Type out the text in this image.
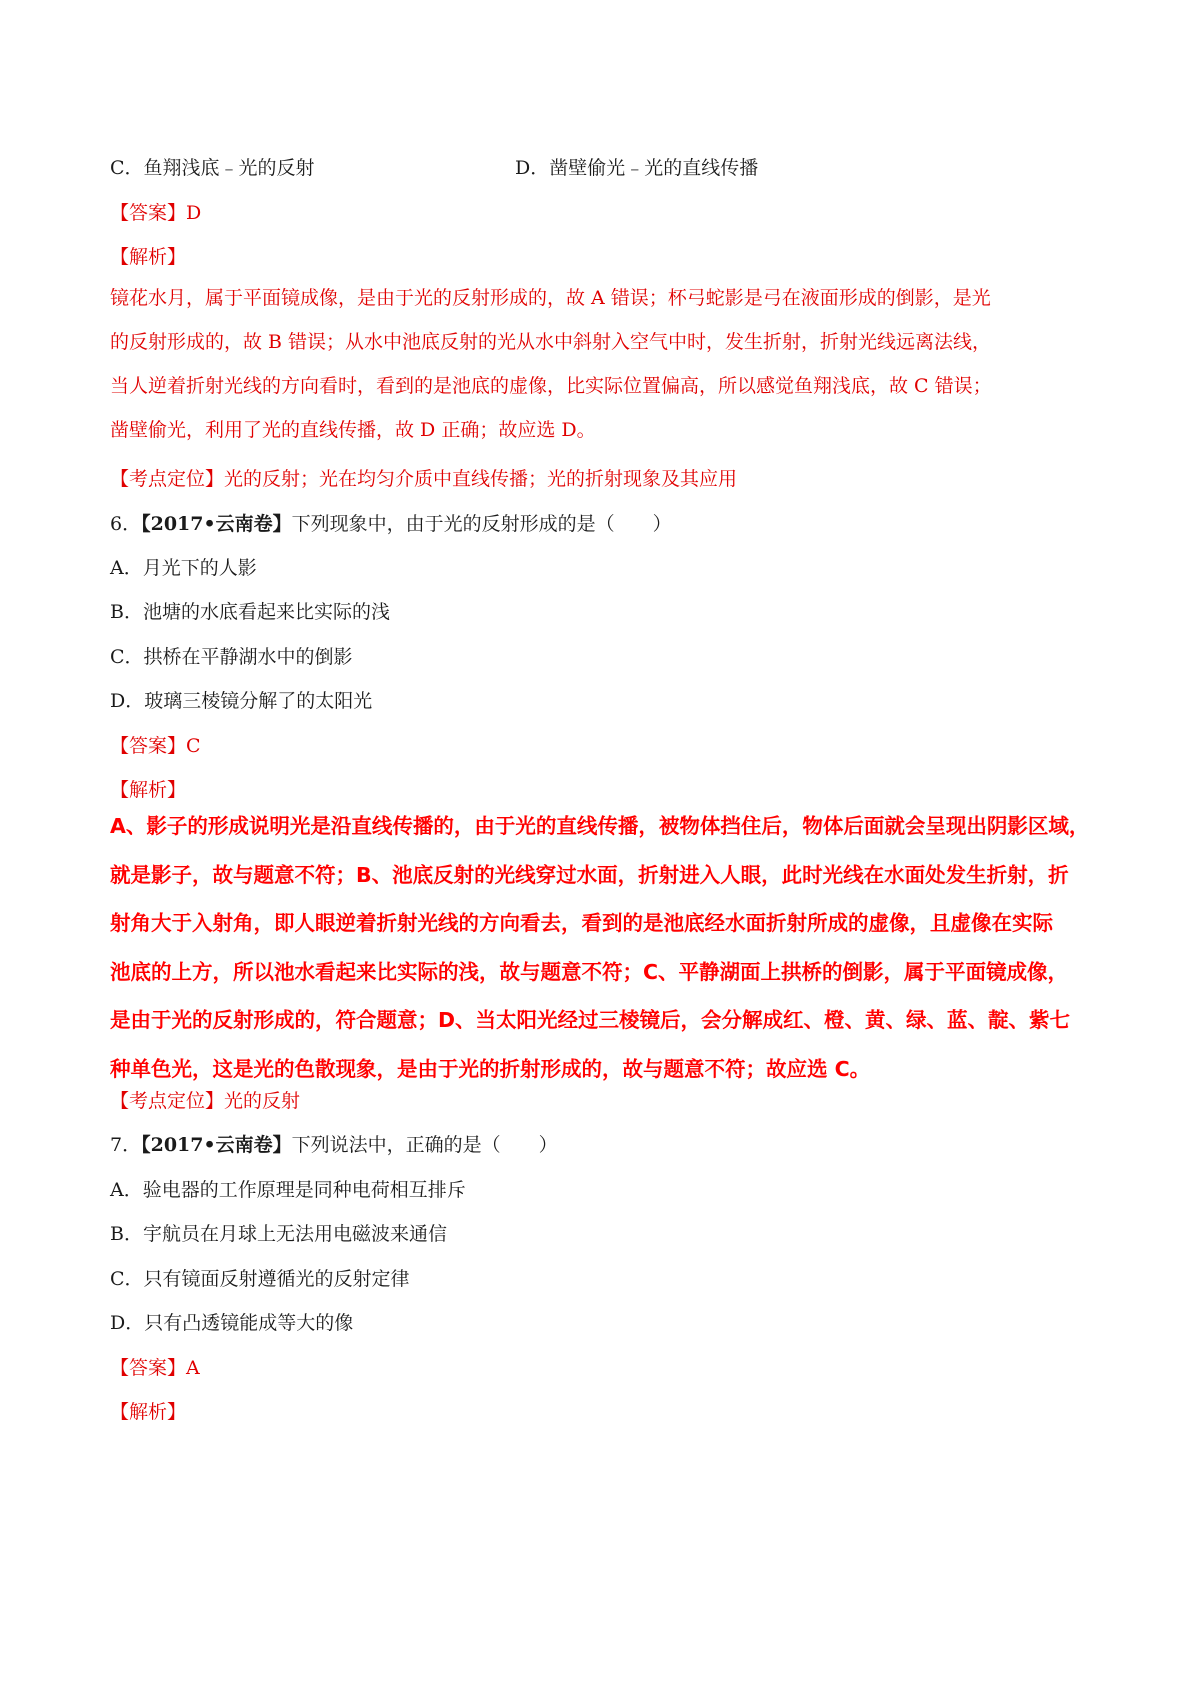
C．鱼翔浅底﹣光的反射	D．凿壁偷光﹣光的直线传播
【答案】D
【解析】
镜花水月，属于平面镜成像，是由于光的反射形成的，故 A 错误；杯弓蛇影是弓在液面形成的倒影，是光
的反射形成的，故 B 错误；从水中池底反射的光从水中斜射入空气中时，发生折射，折射光线远离法线，
当人逆着折射光线的方向看时，看到的是池底的虚像，比实际位置偏高，所以感觉鱼翔浅底，故 C 错误；
凿壁偷光，利用了光的直线传播，故 D 正确；故应选 D。
【考点定位】光的反射；光在均匀介质中直线传播；光的折射现象及其应用
6．【2017•云南卷】下列现象中，由于光的反射形成的是（　　）
A．月光下的人影
B．池塘的水底看起来比实际的浅
C．拱桥在平静湖水中的倒影
D．玻璃三棱镜分解了的太阳光
【答案】C
【解析】
A、影子的形成说明光是沿直线传播的，由于光的直线传播，被物体挡住后，物体后面就会呈现出阴影区域，
就是影子，故与题意不符；B、池底反射的光线穿过水面，折射进入人眼，此时光线在水面处发生折射，折
射角大于入射角，即人眼逆着折射光线的方向看去，看到的是池底经水面折射所成的虚像，且虚像在实际
池底的上方，所以池水看起来比实际的浅，故与题意不符；C、平静湖面上拱桥的倒影，属于平面镜成像，
是由于光的反射形成的，符合题意；D、当太阳光经过三棱镜后，会分解成红、橙、黄、绿、蓝、靛、紫七
种单色光，这是光的色散现象，是由于光的折射形成的，故与题意不符；故应选 C。
【考点定位】光的反射
7．【2017•云南卷】下列说法中，正确的是（　　）
A．验电器的工作原理是同种电荷相互排斥
B．宇航员在月球上无法用电磁波来通信
C．只有镜面反射遵循光的反射定律
D．只有凸透镜能成等大的像
【答案】A
【解析】
